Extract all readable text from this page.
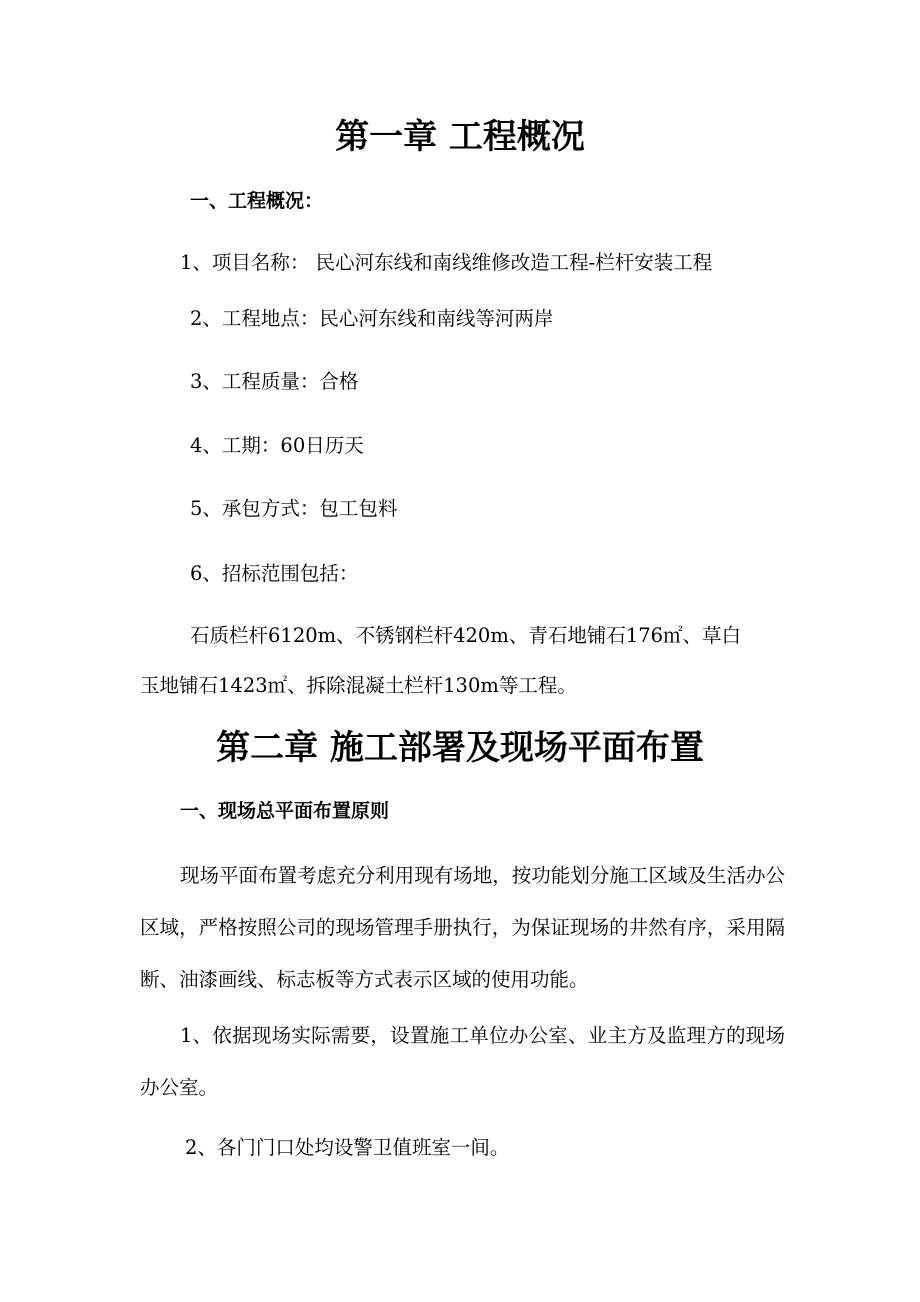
第一章 工程概况
一、工程概况：

1、项目名称： 民心河东线和南线维修改造工程-栏杆安装工程

2、工程地点：民心河东线和南线等河两岸

3、工程质量：合格

4、工期：60日历天

5、承包方式：包工包料

6、招标范围包括：

石质栏杆6120m、不锈钢栏杆420m、青石地铺石176㎡、草白

玉地铺石1423㎡、拆除混凝土栏杆130m等工程。

第二章 施工部署及现场平面布置
一、现场总平面布置原则

现场平面布置考虑充分利用现有场地，按功能划分施工区域及生活办公区域，严格按照公司的现场管理手册执行，为保证现场的井然有序，采用隔断、油漆画线、标志板等方式表示区域的使用功能。

1、依据现场实际需要，设置施工单位办公室、业主方及监理方的现场办公室。

2、各门门口处均设警卫值班室一间。
